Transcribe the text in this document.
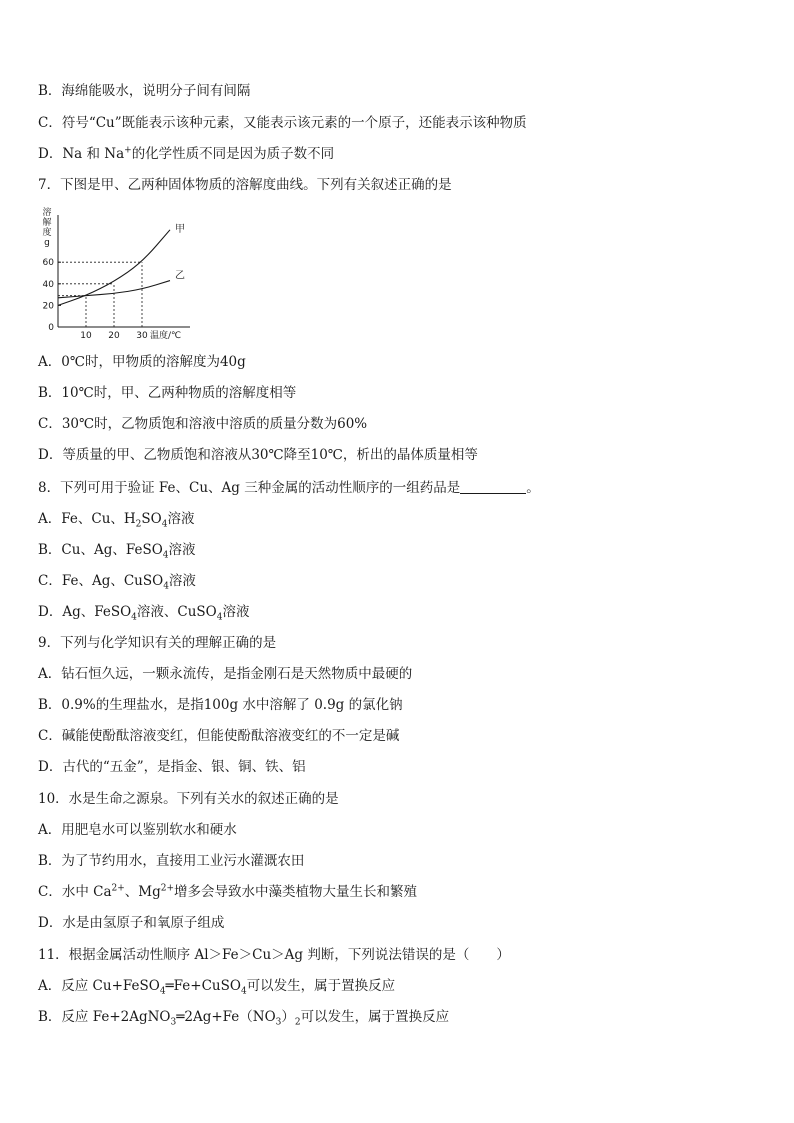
B．海绵能吸水，说明分子间有间隔
C．符号“Cu”既能表示该种元素，又能表示该元素的一个原子，还能表示该种物质
D．Na 和 Na+的化学性质不同是因为质子数不同
7．下图是甲、乙两种固体物质的溶解度曲线。下列有关叙述正确的是
溶
解
度
g
0
20
40
60
10 20 30 温度/℃
甲
乙
A．0℃时，甲物质的溶解度为40g
B．10℃时，甲、乙两种物质的溶解度相等
C．30℃时，乙物质饱和溶液中溶质的质量分数为60%
D．等质量的甲、乙物质饱和溶液从30℃降至10℃，析出的晶体质量相等
8．下列可用于验证 Fe、Cu、Ag 三种金属的活动性顺序的一组药品是	。
A．Fe、Cu、$H_2SO_4$溶液
B．Cu、Ag、FeSO$_4$溶液
C．Fe、Ag、CuSO$_4$溶液
D．Ag、FeSO$_4$溶液、CuSO$_4$溶液
9．下列与化学知识有关的理解正确的是
A．钻石恒久远，一颗永流传，是指金刚石是天然物质中最硬的
B．0.9%的生理盐水，是指100g 水中溶解了 0.9g 的氯化钠
C．碱能使酚酞溶液变红，但能使酚酞溶液变红的不一定是碱
D．古代的“五金”，是指金、银、铜、铁、铝
10．水是生命之源泉。下列有关水的叙述正确的是
A．用肥皂水可以鉴别软水和硬水
B．为了节约用水，直接用工业污水灌溉农田
C．水中 $Ca^{2+}$、$Mg^{2+}$增多会导致水中藻类植物大量生长和繁殖
D．水是由氢原子和氧原子组成
11．根据金属活动性顺序 Al＞Fe＞Cu＞Ag 判断，下列说法错误的是（　　）
A．反应 Cu+FeSO$_4$═Fe+CuSO$_4$可以发生，属于置换反应
B．反应 $Fe+2AgNO_3═2Ag+Fe(NO_3)_2$可以发生，属于置换反应
